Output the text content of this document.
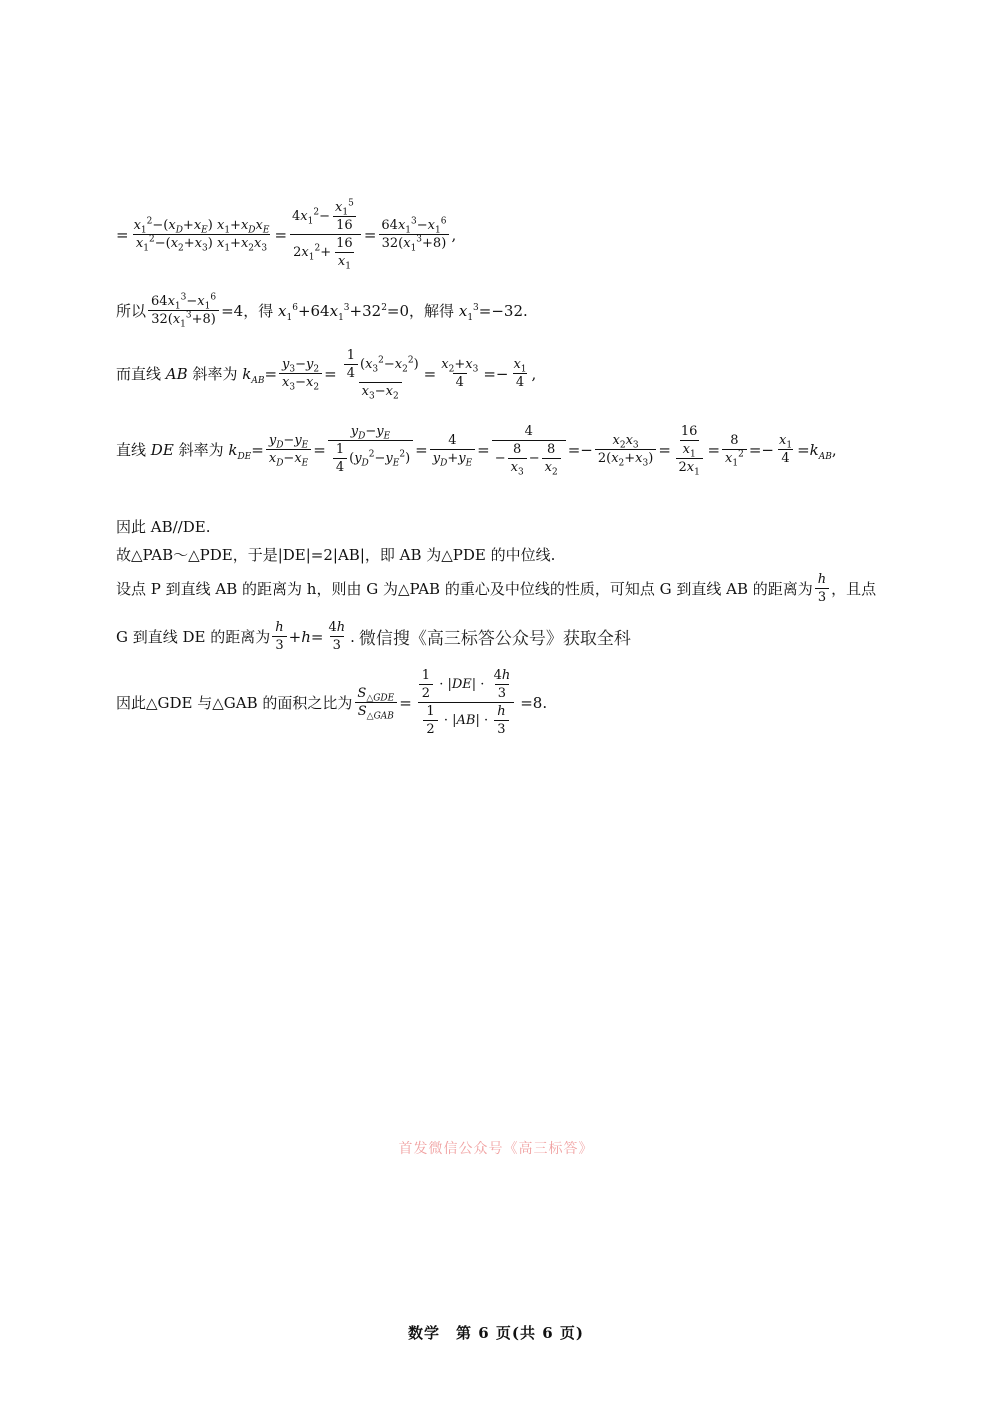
= $\frac{x_1^2-(x_D+x_E) x_1+x_Dx_E}{x_1^2-(x_2+x_3) x_1+x_2x_3} = \frac{4x_1^2- \frac{x_1^5}{16}}{2x_1^2+ \frac{16}{x_1}} = \frac{64x_1^3-x_1^6}{32(x_1^3+8)}$ ,
所以 $\frac{64x_1^3-x_1^6}{32(x_1^3+8)} =4$，得 $x_1^6+64x_1^3+32^2=0$ ，解得 $x_1^3 =-32$.
而直线 AB 斜率为 $k_{AB}= \frac{y_3-y_2}{x_3-x_2} = \frac{\frac{1}{4} (x_3^2-x_2^2)}{x_3-x_2} = \frac{x_2+x_3}{4} =- \frac{x_1}{4}$ ,
直线 DE 斜率为 $k_{DE}= \frac{y_D-y_E}{x_D-x_E} = \frac{y_D-y_E}{\frac{1}{4} (y_D^2-y_E^2)} = \frac{4}{y_D+y_E} = \frac{4}{- \frac{8}{x_3} - \frac{8}{x_2}} =- \frac{x_2x_3}{2(x_2+x_3)} = \frac{\frac{16}{x_1}}{2x_1} = \frac{8}{x_1^2} =- \frac{x_1}{4} =k_{AB}$ ,
因此 AB//DE.
故△PAB～△PDE，于是|DE|=2|AB|，即 AB 为△PDE 的中位线.
设点 P 到直线 AB 的距离为 h，则由 G 为△PAB 的重心及中位线的性质，可知点 G 到直线 AB 的距离为 $\frac{h}{3}$ ，且点
G 到直线 DE 的距离为 $\frac{h}{3} +h= \frac{4h}{3}$ . 微信搜《高三标答公众号》获取全科
因此△GDE 与△GAB 的面积之比为 $\frac{S_{\triangle GDE}}{S_{\triangle GAB}} = \frac{\frac{1}{2} \cdot |DE| \cdot \frac{4h}{3}}{\frac{1}{2} \cdot |AB| \cdot \frac{h}{3}} =8$.
首发微信公众号《高三标答》
数学　第 6 页(共 6 页)
